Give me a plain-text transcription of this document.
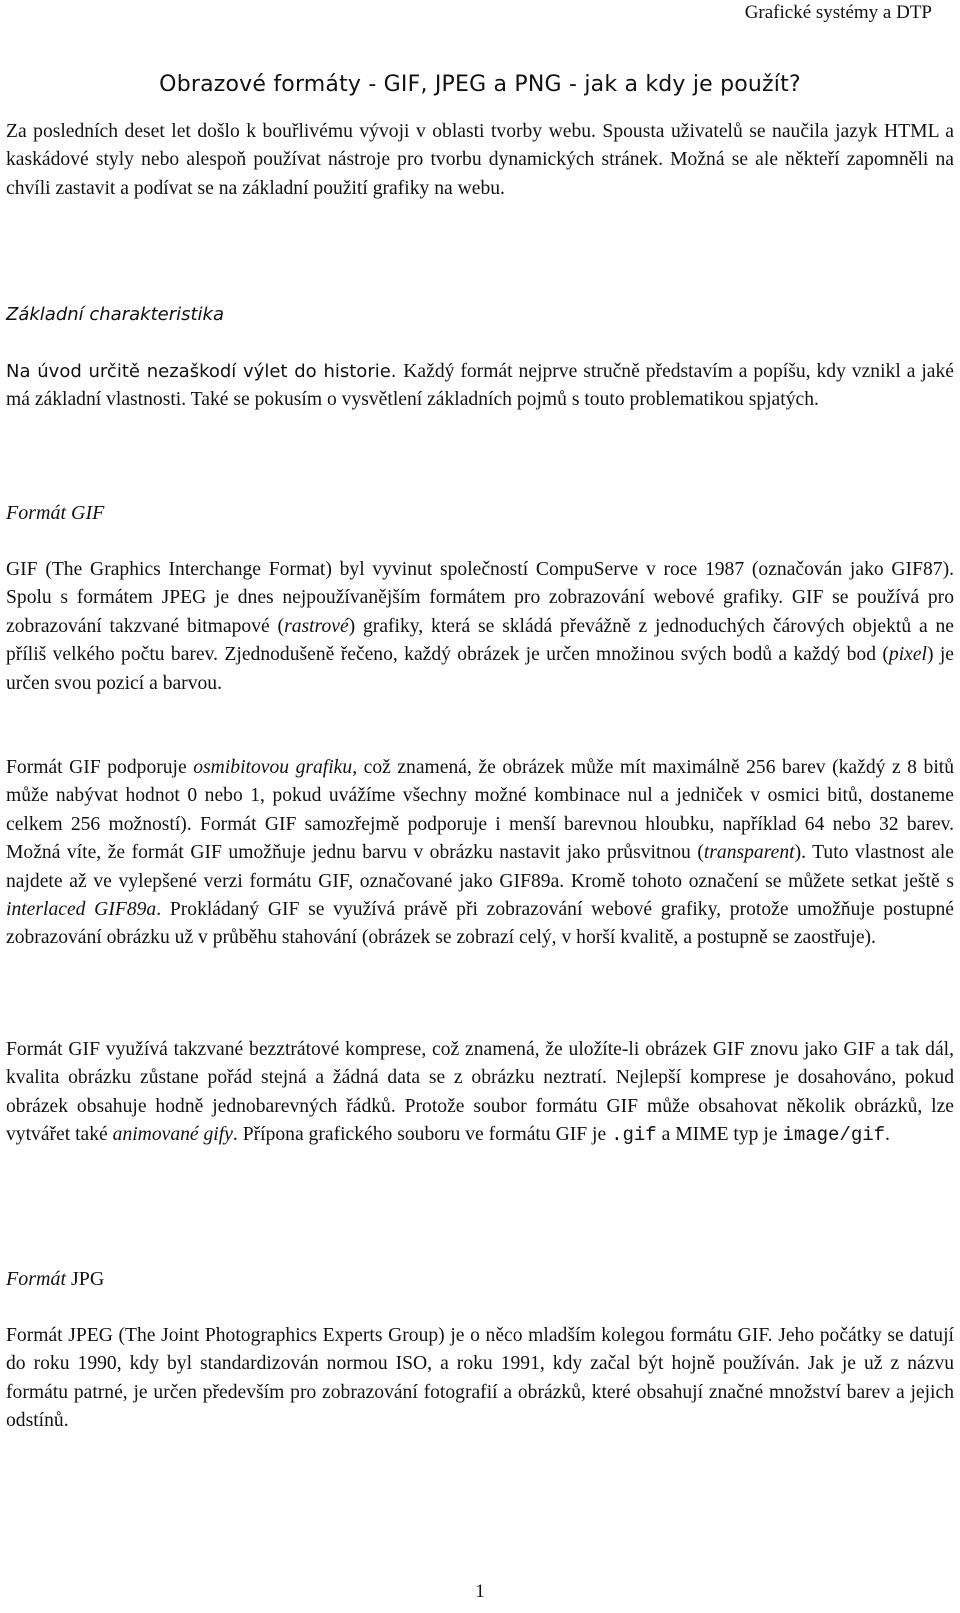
Grafické systémy a DTP
Obrazové formáty - GIF, JPEG a PNG - jak a kdy je použít?

Za posledních deset let došlo k bouřlivému vývoji v oblasti tvorby webu. Spousta uživatelů se naučila jazyk HTML a kaskádové styly nebo alespoň používat nástroje pro tvorbu dynamických stránek. Možná se ale někteří zapomněli na chvíli zastavit a podívat se na základní použití grafiky na webu.

Základní charakteristika

Na úvod určitě nezaškodí výlet do historie. Každý formát nejprve stručně představím a popíšu, kdy vznikl a jaké má základní vlastnosti. Také se pokusím o vysvětlení základních pojmů s touto problematikou spjatých.

Formát GIF

GIF (The Graphics Interchange Format) byl vyvinut společností CompuServe v roce 1987 (označován jako GIF87). Spolu s formátem JPEG je dnes nejpoužívanějším formátem pro zobrazování webové grafiky. GIF se používá pro zobrazování takzvané bitmapové (rastrové) grafiky, která se skládá převážně z jednoduchých čárových objektů a ne příliš velkého počtu barev. Zjednodušeně řečeno, každý obrázek je určen množinou svých bodů a každý bod (pixel) je určen svou pozicí a barvou.

Formát GIF podporuje osmibitovou grafiku, což znamená, že obrázek může mít maximálně 256 barev (každý z 8 bitů může nabývat hodnot 0 nebo 1, pokud uvážíme všechny možné kombinace nul a jedniček v osmici bitů, dostaneme celkem 256 možností). Formát GIF samozřejmě podporuje i menší barevnou hloubku, například 64 nebo 32 barev. Možná víte, že formát GIF umožňuje jednu barvu v obrázku nastavit jako průsvitnou (transparent). Tuto vlastnost ale najdete až ve vylepšené verzi formátu GIF, označované jako GIF89a. Kromě tohoto označení se můžete setkat ještě s interlaced GIF89a. Prokládaný GIF se využívá právě při zobrazování webové grafiky, protože umožňuje postupné zobrazování obrázku už v průběhu stahování (obrázek se zobrazí celý, v horší kvalitě, a postupně se zaostřuje).

Formát GIF využívá takzvané bezztrátové komprese, což znamená, že uložíte-li obrázek GIF znovu jako GIF a tak dál, kvalita obrázku zůstane pořád stejná a žádná data se z obrázku neztratí. Nejlepší komprese je dosahováno, pokud obrázek obsahuje hodně jednobarevných řádků. Protože soubor formátu GIF může obsahovat několik obrázků, lze vytvářet také animované gify. Přípona grafického souboru ve formátu GIF je .gif a MIME typ je image/gif.

Formát JPG

Formát JPEG (The Joint Photographics Experts Group) je o něco mladším kolegou formátu GIF. Jeho počátky se datují do roku 1990, kdy byl standardizován normou ISO, a roku 1991, kdy začal být hojně používán. Jak je už z názvu formátu patrné, je určen především pro zobrazování fotografií a obrázků, které obsahují značné množství barev a jejich odstínů.

1
